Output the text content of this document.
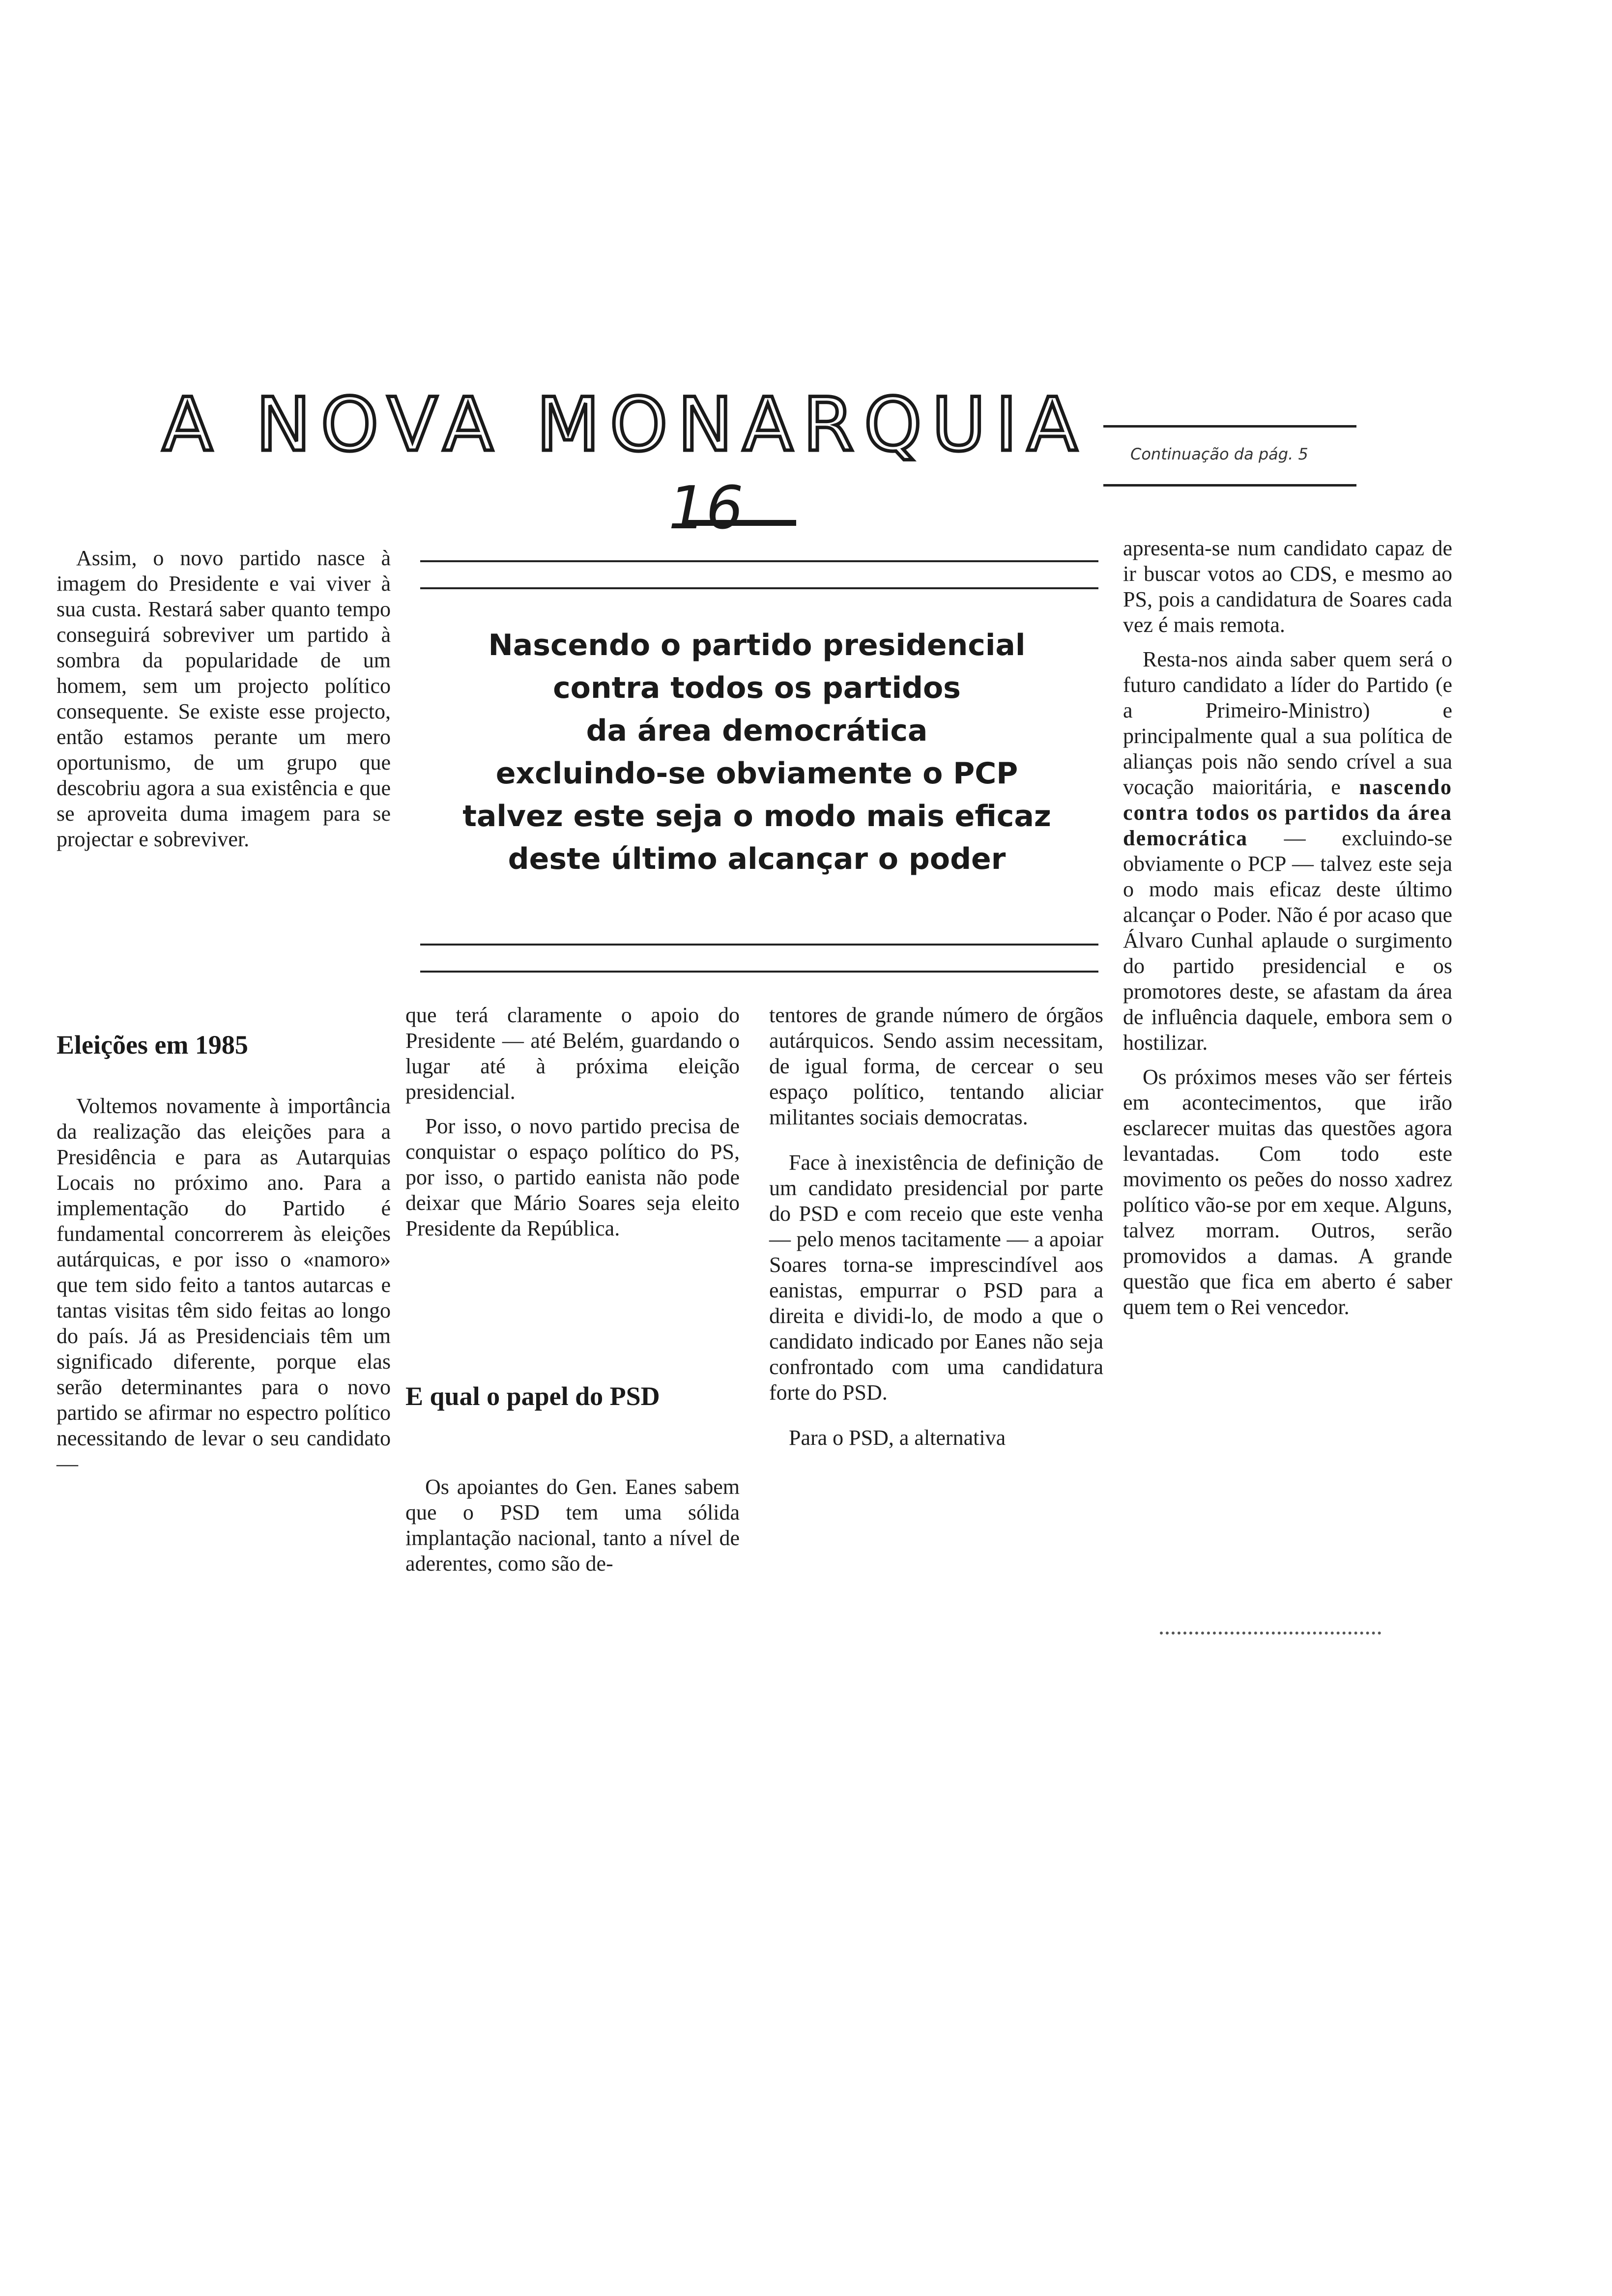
A NOVA MONARQUIA
16
Continuação da pág. 5

Assim, o novo partido nasce à imagem do Presidente e vai viver à sua custa. Restará saber quanto tempo conseguirá sobreviver um partido à sombra da popularidade de um homem, sem um projecto político consequente. Se existe esse projecto, então estamos perante um mero oportunismo, de um grupo que descobriu agora a sua existência e que se aproveita duma imagem para se projectar e sobreviver.

Eleições em 1985

Voltemos novamente à importância da realização das eleições para a Presidência e para as Autarquias Locais no próximo ano. Para a implementação do Partido é fundamental concorrerem às eleições autárquicas, e por isso o «namoro» que tem sido feito a tantos autarcas e tantas visitas têm sido feitas ao longo do país. Já as Presidenciais têm um significado diferente, porque elas serão determinantes para o novo partido se afirmar no espectro político necessitando de levar o seu candidato —

Nascendo o partido presidencial
contra todos os partidos
da área democrática
excluindo-se obviamente o PCP
talvez este seja o modo mais eficaz
deste último alcançar o poder

que terá claramente o apoio do Presidente — até Belém, guardando o lugar até à próxima eleição presidencial.

Por isso, o novo partido precisa de conquistar o espaço político do PS, por isso, o partido eanista não pode deixar que Mário Soares seja eleito Presidente da República.

E qual o papel do PSD

Os apoiantes do Gen. Eanes sabem que o PSD tem uma sólida implantação nacional, tanto a nível de aderentes, como são de-

tentores de grande número de órgãos autárquicos. Sendo assim necessitam, de igual forma, de cercear o seu espaço político, tentando aliciar militantes sociais democratas.

Face à inexistência de definição de um candidato presidencial por parte do PSD e com receio que este venha — pelo menos tacitamente — a apoiar Soares torna-se imprescindível aos eanistas, empurrar o PSD para a direita e dividi-lo, de modo a que o candidato indicado por Eanes não seja confrontado com uma candidatura forte do PSD.

Para o PSD, a alternativa

apresenta-se num candidato capaz de ir buscar votos ao CDS, e mesmo ao PS, pois a candidatura de Soares cada vez é mais remota.

Resta-nos ainda saber quem será o futuro candidato a líder do Partido (e a Primeiro-Ministro) e principalmente qual a sua política de alianças pois não sendo crível a sua vocação maioritária, e nascendo contra todos os partidos da área democrática — excluindo-se obviamente o PCP — talvez este seja o modo mais eficaz deste último alcançar o Poder. Não é por acaso que Álvaro Cunhal aplaude o surgimento do partido presidencial e os promotores deste, se afastam da área de influência daquele, embora sem o hostilizar.

Os próximos meses vão ser férteis em acontecimentos, que irão esclarecer muitas das questões agora levantadas. Com todo este movimento os peões do nosso xadrez político vão-se por em xeque. Alguns, talvez morram. Outros, serão promovidos a damas. A grande questão que fica em aberto é saber quem tem o Rei vencedor.
